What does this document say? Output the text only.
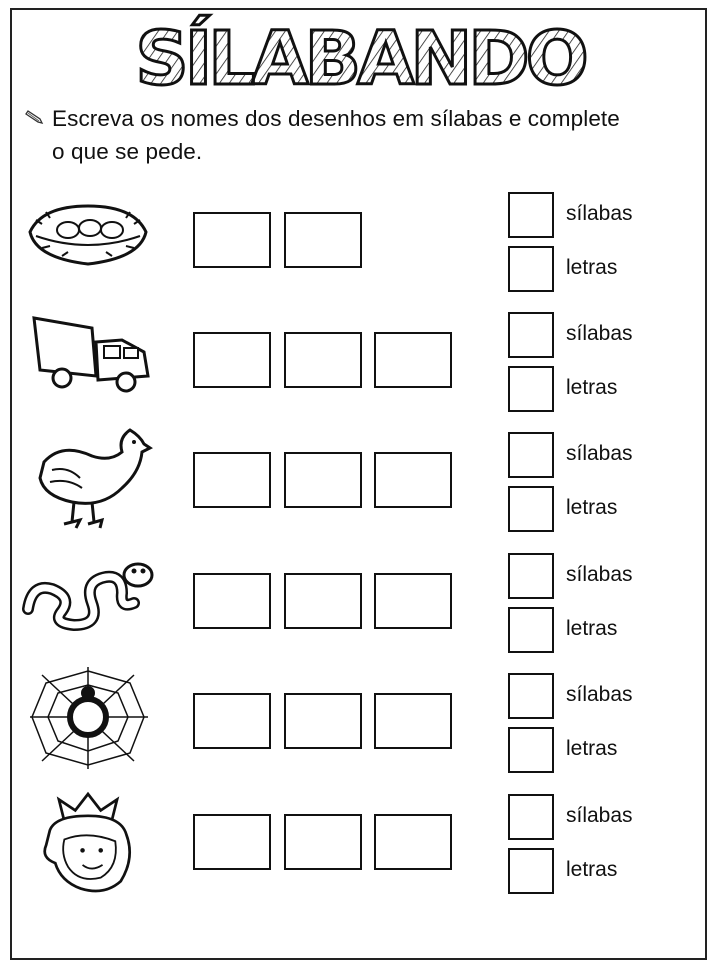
SÍLABANDO
Escreva os nomes dos desenhos em sílabas e complete
o que se pede.
sílabas
letras
sílabas
letras
sílabas
letras
sílabas
letras
sílabas
letras
sílabas
letras
